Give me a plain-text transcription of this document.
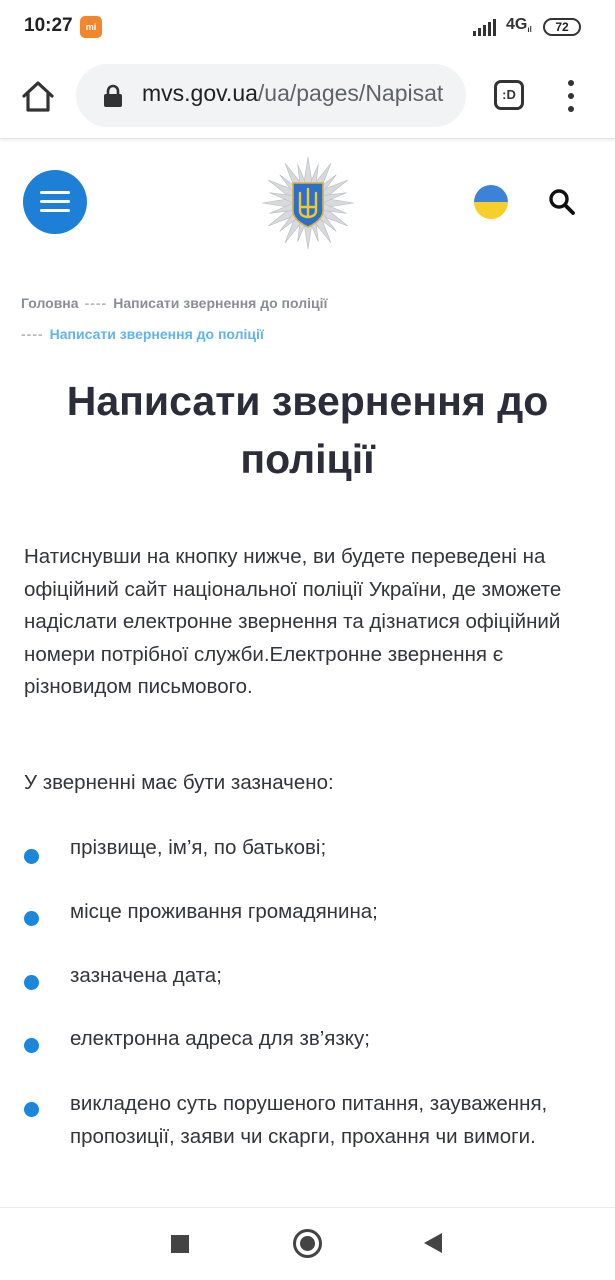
10:27	mi	4Gıl	72
mvs.gov.ua/ua/pages/Napisat	:D
Головна ---- Написати звернення до поліції
---- Написати звернення до поліції
Написати звернення до поліції

Натиснувши на кнопку нижче, ви будете переведені на офіційний сайт національної поліції України, де зможете надіслати електронне звернення та дізнатися офіційний номери потрібної служби.Електронне звернення є різновидом письмового.

У зверненні має бути зазначено:

прізвище, ім’я, по батькові;
місце проживання громадянина;
зазначена дата;
електронна адреса для зв’язку;
викладено суть порушеного питання, зауваження, пропозиції, заяви чи скарги, прохання чи вимоги.
